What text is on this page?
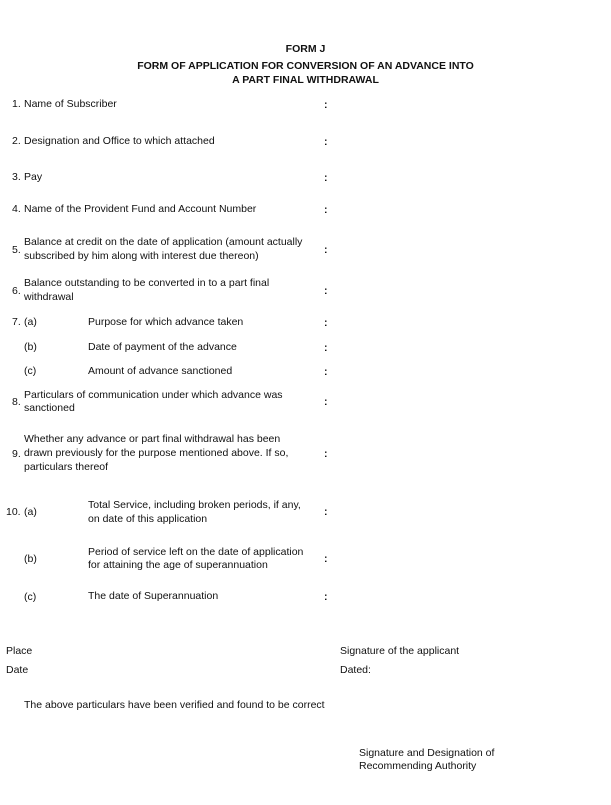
FORM J
FORM OF APPLICATION FOR CONVERSION OF AN ADVANCE INTO
A PART FINAL WITHDRAWAL
1. Name of Subscriber	:
2. Designation and Office to which attached	:
3. Pay	:
4. Name of the Provident Fund and Account Number	:
5.
Balance at credit on the date of application (amount actually
subscribed by him along with interest due thereon)	:
6.
Balance outstanding to be converted in to a part final
withdrawal	:
7. (a)	Purpose for which advance taken	:
(b)	Date of payment of the advance	:
(c)	Amount of advance sanctioned	:
8.
Particulars of communication under which advance was
sanctioned	:
9.
Whether any advance or part final withdrawal has been
drawn previously for the purpose mentioned above. If so,
particulars thereof
:
10. (a)
Total Service, including broken periods, if any,
on date of this application
:
(b)
Period of service left on the date of application
for attaining the age of superannuation	:
(c)	The date of Superannuation	:
Place
Date
Signature of the applicant
Dated:
The above particulars have been verified and found to be correct
Signature and Designation of
Recommending Authority
